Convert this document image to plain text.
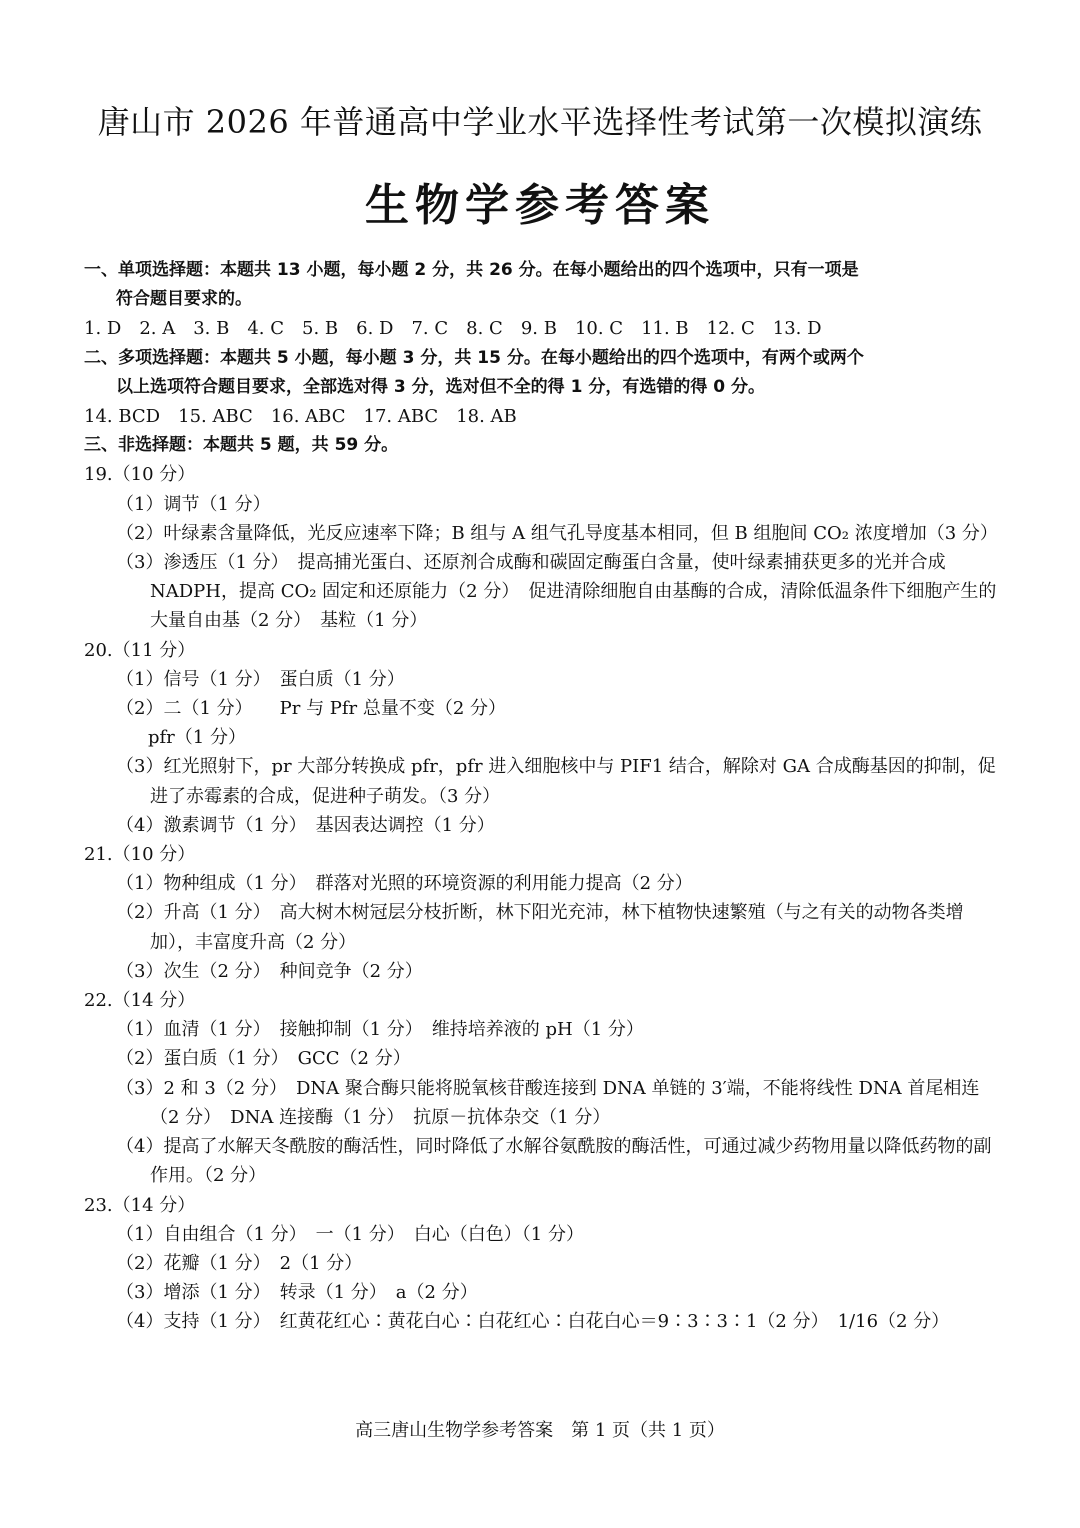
唐山市 2026 年普通高中学业水平选择性考试第一次模拟演练
生物学参考答案

一、单项选择题：本题共 13 小题，每小题 2 分，共 26 分。在每小题给出的四个选项中，只有一项是

符合题目要求的。

1. D 2. A 3. B 4. C 5. B 6. D 7. C 8. C 9. B 10. C 11. B 12. C 13. D

二、多项选择题：本题共 5 小题，每小题 3 分，共 15 分。在每小题给出的四个选项中，有两个或两个

以上选项符合题目要求，全部选对得 3 分，选对但不全的得 1 分，有选错的得 0 分。

14. BCD 15. ABC 16. ABC 17. ABC 18. AB

三、非选择题：本题共 5 题，共 59 分。

19.（10 分）

（1）调节（1 分）

（2）叶绿素含量降低，光反应速率下降；B 组与 A 组气孔导度基本相同，但 B 组胞间 CO₂ 浓度增加（3 分）

（3）渗透压（1 分）　提高捕光蛋白、还原剂合成酶和碳固定酶蛋白含量，使叶绿素捕获更多的光并合成 NADPH，提高 CO₂ 固定和还原能力（2 分）　促进清除细胞自由基酶的合成，清除低温条件下细胞产生的大量自由基（2 分）　基粒（1 分）

20.（11 分）

（1）信号（1 分）　蛋白质（1 分）

（2）二（1 分）　　Pr 与 Pfr 总量不变（2 分）

pfr（1 分）

（3）红光照射下，pr 大部分转换成 pfr，pfr 进入细胞核中与 PIF1 结合，解除对 GA 合成酶基因的抑制，促进了赤霉素的合成，促进种子萌发。（3 分）

（4）激素调节（1 分）　基因表达调控（1 分）

21.（10 分）

（1）物种组成（1 分）　群落对光照的环境资源的利用能力提高（2 分）

（2）升高（1 分）　高大树木树冠层分枝折断，林下阳光充沛，林下植物快速繁殖（与之有关的动物各类增加），丰富度升高（2 分）

（3）次生（2 分）　种间竞争（2 分）

22.（14 分）

（1）血清（1 分）　接触抑制（1 分）　维持培养液的 pH（1 分）

（2）蛋白质（1 分）　GCC（2 分）

（3）2 和 3（2 分）　DNA 聚合酶只能将脱氧核苷酸连接到 DNA 单链的 3′端，不能将线性 DNA 首尾相连（2 分）　DNA 连接酶（1 分）　抗原－抗体杂交（1 分）

（4）提高了水解天冬酰胺的酶活性，同时降低了水解谷氨酰胺的酶活性，可通过减少药物用量以降低药物的副作用。（2 分）

23.（14 分）

（1）自由组合（1 分）　一（1 分）　白心（白色）（1 分）

（2）花瓣（1 分）　2（1 分）

（3）增添（1 分）　转录（1 分）　a（2 分）

（4）支持（1 分）　红黄花红心∶黄花白心∶白花红心∶白花白心＝9∶3∶3∶1（2 分）　1/16（2 分）

高三唐山生物学参考答案　第 1 页（共 1 页）
